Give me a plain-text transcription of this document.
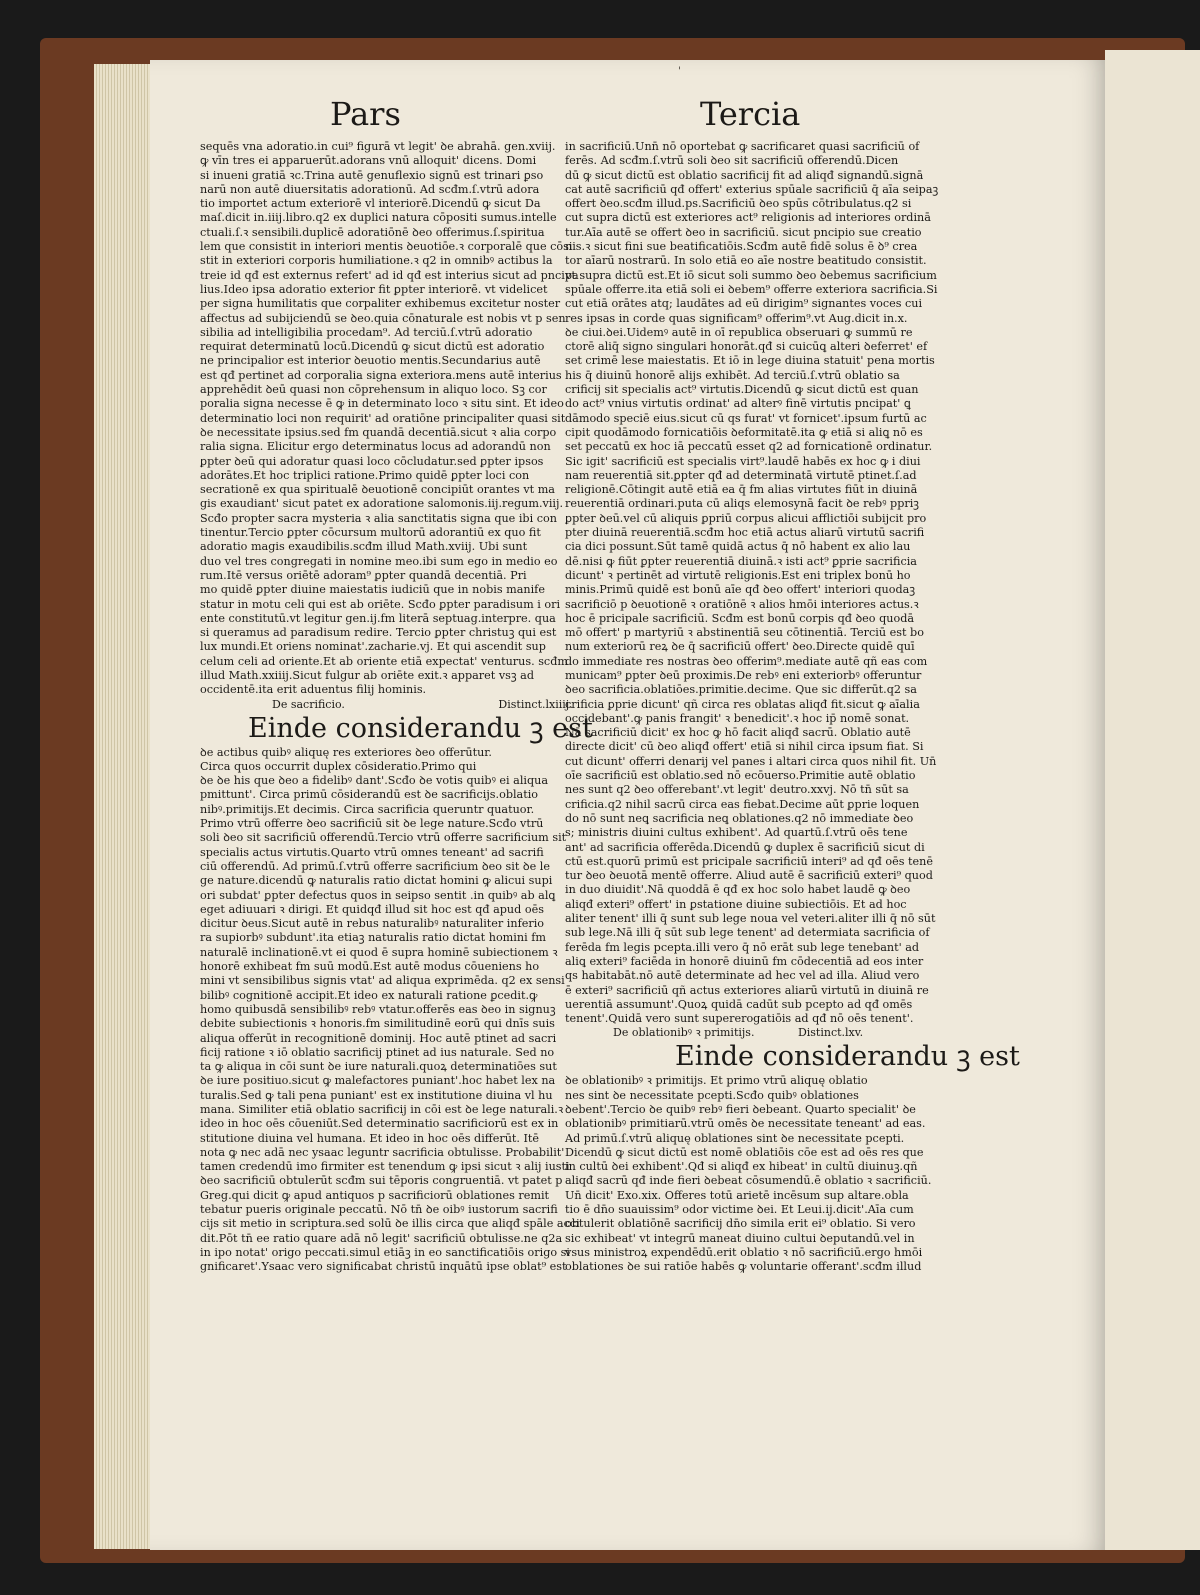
'
Pars	Tercia
sequēs vna adoratio.in cui⁹ figurā vt legit' ꝺe abrahā. gen.xviij.
ꝙ vīn tres ei apparuerūt.adorans vnū alloquit' dicens. Domi
si inueni gratiā ꝛc.Trina autē genuflexio signū est trinari ꝑso
narū non autē diuersitatis adorationū. Ad scđm.ſ.vtrū adora
tio importet actum exteriorē vl interiorē.Dicendū ꝙ sicut Da
maſ.dicit in.iiij.libro.q2 ex duplici natura cōpositi sumus.intelle
ctuali.ſ.ꝛ sensibili.duplicē adoratiōnē ꝺeo offerimus.ſ.spiritua
lem que consistit in interiori mentis ꝺeuotiōe.ꝛ corporalē que cōsi
stit in exteriori corporis humiliatione.ꝛ q2 in omnibꝰ actibus la
treie id qđ est externus refert' ad id qđ est interius sicut ad pncipa
lius.Ideo ipsa adoratio exterior fit ꝑpter interiorē. vt videlicet
per signa humilitatis que corpaliter exhibemus excitetur noster
affectus ad subijciendū se ꝺeo.quia cōnaturale est nobis vt p sen
sibilia ad intelligibilia procedam⁹. Ad terciū.ſ.vtrū adoratio
requirat determinatū locū.Dicendū ꝙ sicut dictū est adoratio
ne principalior est interior ꝺeuotio mentis.Secundarius autē
est qđ pertinet ad corporalia signa exteriora.mens autē interius
apprehēdit ꝺeū quasi non cōprehensum in aliquo loco. Sꝫ cor
poralia signa necesse ē ꝙ in determinato loco ꝛ situ sint. Et ideo
determinatio loci non requirit' ad oratiōne principaliter quasi sit
ꝺe necessitate ipsius.sed fm quandā decentiā.sicut ꝛ alia corpo
ralia signa. Elicitur ergo determinatus locus ad adorandū non
ꝑpter ꝺeū qui adoratur quasi loco cōcludatur.sed ꝑpter ipsos
adorātes.Et hoc triplici ratione.Primo quidē ꝑpter loci con
secrationē ex qua spiritualē ꝺeuotionē concipiūt orantes vt ma
gis exaudiant' sicut patet ex adoratione salomonis.iij.regum.viij.
Scđo propter sacra mysteria ꝛ alia sanctitatis signa que ibi con
tinentur.Tercio ꝑpter cōcursum multorū adorantiū ex quo fit
adoratio magis exaudibilis.scđm illud Math.xviij. Ubi sunt
duo vel tres congregati in nomine meo.ibi sum ego in medio eo
rum.Itē versus oriētē adoram⁹ ꝑpter quandā decentiā. Pri
mo quidē ꝑpter diuine maiestatis iudiciū que in nobis manife
statur in motu celi qui est ab oriēte. Scđo ꝑpter paradisum i ori
ente constitutū.vt legitur gen.ij.fm literā septuag.interpre. qua
si queramus ad paradisum redire. Tercio ꝑpter christuꝫ qui est
lux mundi.Et oriens nominat'.zacharie.vj. Et qui ascendit sup
celum celi ad oriente.Et ab oriente etiā expectat' venturus. scđm
illud Math.xxiiij.Sicut fulgur ab oriēte exit.ꝛ apparet vsꝫ ad
occidentē.ita erit aduentus filij hominis.
De sacrificio.	Distinct.lxiiij.
Einde considerandu ꝫ est
ꝺe actibus quibꝰ aliquę res exteriores ꝺeo offerūtur.
Circa quos occurrit duplex cōsideratio.Primo qui
ꝺe ꝺe his que ꝺeo a fidelibꝰ dant'.Scđo ꝺe votis quibꝰ ei aliqua
pmittunt'. Circa primū cōsiderandū est ꝺe sacrificijs.oblatio
nibꝰ.primitijs.Et decimis. Circa sacrificia queruntr quatuor.
Primo vtrū offerre ꝺeo sacrificiū sit ꝺe lege nature.Scđo vtrū
soli ꝺeo sit sacrificiū offerendū.Tercio vtrū offerre sacrificium sit
specialis actus virtutis.Quarto vtrū omnes teneant' ad sacrifi
ciū offerendū. Ad primū.ſ.vtrū offerre sacrificium ꝺeo sit ꝺe le
ge nature.dicendū ꝙ naturalis ratio dictat homini ꝙ alicui supi
ori subdat' ꝑpter defectus quos in seipso sentit .in quibꝰ ab alꝗ
eget adiuuari ꝛ dirigi. Et quidqđ illud sit hoc est qđ apud oēs
dicitur ꝺeus.Sicut autē in rebus naturalibꝰ naturaliter inferio
ra supiorbꝰ subdunt'.ita etiaꝫ naturalis ratio dictat homini fm
naturalē inclinationē.vt ei quod ē supra hominē subiectionem ꝛ
honorē exhibeat fm suū modū.Est autē modus cōueniens ho
mini vt sensibilibus signis vtat' ad aliqua exprimēda. q2 ex sensi
bilibꝰ cognitionē accipit.Et ideo ex naturali ratione ꝑcedit.ꝙ
homo quibusdā sensibilibꝰ rebꝰ vtatur.offerēs eas ꝺeo in signuꝫ
debite subiectionis ꝛ honoris.fm similitudinē eorū qui dnīs suis
aliqua offerūt in recognitionē dominij. Hoc autē ptinet ad sacri
ficij ratione ꝛ iō oblatio sacrificij ptinet ad ius naturale. Sed no
ta ꝙ aliqua in cōi sunt ꝺe iure naturali.quoꝝ determinatiōes sut
ꝺe iure positiuo.sicut ꝙ malefactores puniant'.hoc habet lex na
turalis.Sed ꝙ tali pena puniant' est ex institutione diuina vl hu
mana. Similiter etiā oblatio sacrificij in cōi est ꝺe lege naturali.ꝛ
ideo in hoc oēs cōueniūt.Sed determinatio sacrificiorū est ex in
stitutione diuina vel humana. Et ideo in hoc oēs differūt. Itē
nota ꝙ nec adā nec ysaac leguntr sacrificia obtulisse. Probabilit'
tamen credendū imo firmiter est tenendum ꝙ ipsi sicut ꝛ alij iusti
ꝺeo sacrificiū obtulerūt scđm sui tēporis congruentiā. vt patet p
Greg.qui dicit ꝙ apud antiquos p sacrificiorū oblationes remit
tebatur pueris originale peccatū. Nō tn̄ ꝺe oibꝰ iustorum sacrifi
cijs sit metio in scriptura.sed solū ꝺe illis circa que aliqđ spāle acci
dit.Pōt tn̄ ee ratio quare adā nō legit' sacrificiū obtulisse.ne q2a
in ipo notat' origo peccati.simul etiāꝫ in eo sanctificatiōis origo si
gnificaret'.Ysaac vero significabat christū inquātū ipse oblat⁹ est
in sacrificiū.Unn̄ nō oportebat ꝙ sacrificaret quasi sacrificiū of
ferēs. Ad scđm.ſ.vtrū soli ꝺeo sit sacrificiū offerendū.Dicen
dū ꝙ sicut dictū est oblatio sacrificij fit ad aliqđ signandū.signā
cat autē sacrificiū qđ offert' exterius spūale sacrificiū q̄ aīa seipaꝫ
offert ꝺeo.scđm illud.ps.Sacrificiū ꝺeo spūs cōtribulatus.q2 si
cut supra dictū est exteriores act⁹ religionis ad interiores ordinā
tur.Aīa autē se offert ꝺeo in sacrificiū. sicut pncipio sue creatio
nis.ꝛ sicut fini sue beatificatiōis.Scđm autē fidē solus ē ꝺ⁹ crea
tor aīarū nostrarū. In solo etiā eo aīe nostre beatitudo consistit.
vt supra dictū est.Et iō sicut soli summo ꝺeo ꝺebemus sacrificium
spūale offerre.ita etiā soli ei ꝺebem⁹ offerre exteriora sacrificia.Si
cut etiā orātes atq; laudātes ad eū dirigim⁹ signantes voces cui
res ipsas in corde quas significam⁹ offerim⁹.vt Aug.dicit in.x.
ꝺe ciui.ꝺei.Uidemꝰ autē in oī republica obseruari ꝙ summū re
ctorē aliq̄ signo singulari honorāt.qđ si cuicūꝗ alteri ꝺeferret' ef
set crimē lese maiestatis. Et iō in lege diuina statuit' pena mortis
his q̄ diuinū honorē alijs exhibēt. Ad terciū.ſ.vtrū oblatio sa
crificij sit specialis act⁹ virtutis.Dicendū ꝙ sicut dictū est quan
do act⁹ vnius virtutis ordinat' ad alterꝰ finē virtutis pncipat' ꝗ
dāmodo speciē eius.sicut cū qs furat' vt fornicet'.ipsum furtū ac
cipit quodāmodo fornicatiōis ꝺeformitatē.ita ꝙ etiā si aliꝗ nō es
set peccatū ex hoc iā peccatū esset q2 ad fornicationē ordinatur.
Sic igit' sacrificiū est specialis virt⁹.laudē habēs ex hoc ꝙ i diui
nam reuerentiā sit.ꝑpter qđ ad determinatā virtutē ptinet.ſ.ad
religionē.Cōtingit autē etiā ea q̄ fm alias virtutes fiūt in diuinā
reuerentiā ordinari.puta cū aliqs elemosynā facit ꝺe rebꝰ ppriꝫ
ꝑpter ꝺeū.vel cū aliquis ꝑpriū corpus alicui afflictiōi subijcit pro
pter diuinā reuerentiā.scđm hoc etiā actus aliarū virtutū sacrifi
cia dici possunt.Sūt tamē quidā actus q̄ nō habent ex alio lau
dē.nisi ꝙ fiūt ꝑpter reuerentiā diuinā.ꝛ isti act⁹ ꝑprie sacrificia
dicunt' ꝛ pertinēt ad virtutē religionis.Est eni triplex bonū ho
minis.Primū quidē est bonū aīe qđ ꝺeo offert' interiori quodaꝫ
sacrificiō p ꝺeuotionē ꝛ oratiōnē ꝛ alios hmōi interiores actus.ꝛ
hoc ē pricipale sacrificiū. Scđm est bonū corpis qđ ꝺeo quodā
mō offert' p martyriū ꝛ abstinentiā seu cōtinentiā. Terciū est bo
num exteriorū reꝝ ꝺe q̄ sacrificiū offert' ꝺeo.Directe quidē quī
do immediate res nostras ꝺeo offerim⁹.mediate autē qñ eas com
municam⁹ ꝑpter ꝺeū proximis.De rebꝰ eni exteriorbꝰ offeruntur
ꝺeo sacrificia.oblatiōes.primitie.decime. Que sic differūt.q2 sa
crificia ꝑprie dicunt' qñ circa res oblatas aliqđ fit.sicut ꝙ aīalia
occidebant'.ꝙ panis frangit' ꝛ benedicit'.ꝛ hoc ip̄ nomē sonat.
Nā sacrificiū dicit' ex hoc ꝙ hō facit aliqđ sacrū. Oblatio autē
directe dicit' cū ꝺeo aliqđ offert' etiā si nihil circa ipsum fiat. Si
cut dicunt' offerri denarij vel panes i altari circa quos nihil fit. Un̄
oīe sacrificiū est oblatio.sed nō ecōuerso.Primitie autē oblatio
nes sunt q2 ꝺeo offerebant'.vt legit' deutro.xxvj. Nō tn̄ sūt sa
crificia.q2 nihil sacrū circa eas fiebat.Decime aūt ꝑprie loquen
do nō sunt neꝗ sacrificia neꝗ oblationes.q2 nō immediate ꝺeo
s; ministris diuini cultus exhibent'. Ad quartū.ſ.vtrū oēs tene
ant' ad sacrificia offerēda.Dicendū ꝙ duplex ē sacrificiū sicut di
ctū est.quorū primū est pricipale sacrificiū interi⁹ ad qđ oēs tenē
tur ꝺeo ꝺeuotā mentē offerre. Aliud autē ē sacrificiū exteri⁹ quod
in duo diuidit'.Nā quoddā ē qđ ex hoc solo habet laudē ꝙ ꝺeo
aliqđ exteri⁹ offert' in ꝑstatione diuine subiectiōis. Et ad hoc
aliter tenent' illi q̄ sunt sub lege noua vel veteri.aliter illi q̄ nō sūt
sub lege.Nā illi q̄ sūt sub lege tenent' ad determiata sacrificia of
ferēda fm legis pcepta.illi vero q̄ nō erāt sub lege tenebant' ad
aliꝗ exteri⁹ faciēda in honorē diuinū fm cōdecentiā ad eos inter
qs habitabāt.nō autē determinate ad hec vel ad illa. Aliud vero
ē exteri⁹ sacrificiū qñ actus exteriores aliarū virtutū in diuinā re
uerentiā assumunt'.Quoꝝ quidā cadūt sub pcepto ad qđ omēs
tenent'.Quidā vero sunt supererogatiōis ad qđ nō oēs tenent'.
De oblationibꝰ ꝛ primitijs.	Distinct.lxv.
Einde considerandu ꝫ est
ꝺe oblationibꝰ ꝛ primitijs. Et primo vtrū aliquę oblatio
nes sint ꝺe necessitate pcepti.Scđo quibꝰ oblationes
ꝺebent'.Tercio ꝺe quibꝰ rebꝰ fieri ꝺebeant. Quarto specialit' ꝺe
oblationibꝰ primitiarū.vtrū omēs ꝺe necessitate teneant' ad eas.
Ad primū.ſ.vtrū aliquę oblationes sint ꝺe necessitate pcepti.
Dicendū ꝙ sicut dictū est nomē oblatiōis cōe est ad oēs res que
in cultū ꝺei exhibent'.Qđ si aliqđ ex hibeat' in cultū diuinuꝫ.qñ
aliqđ sacrū qđ inde fieri ꝺebeat cōsumendū.ē oblatio ꝛ sacrificiū.
Un̄ dicit' Exo.xix. Offeres totū arietē incēsum sup altare.obla
tio ē dn̄o suauissim⁹ odor victime ꝺei. Et Leui.ij.dicit'.Aīa cum
obtulerit oblatiōnē sacrificij dn̄o simila erit ei⁹ oblatio. Si vero
sic exhibeat' vt integrū maneat diuino cultui ꝺeputandū.vel in
vsus ministroꝝ expendēdū.erit oblatio ꝛ nō sacrificiū.ergo hmōi
oblationes ꝺe sui ratiōe habēs ꝙ voluntarie offerant'.scđm illud
